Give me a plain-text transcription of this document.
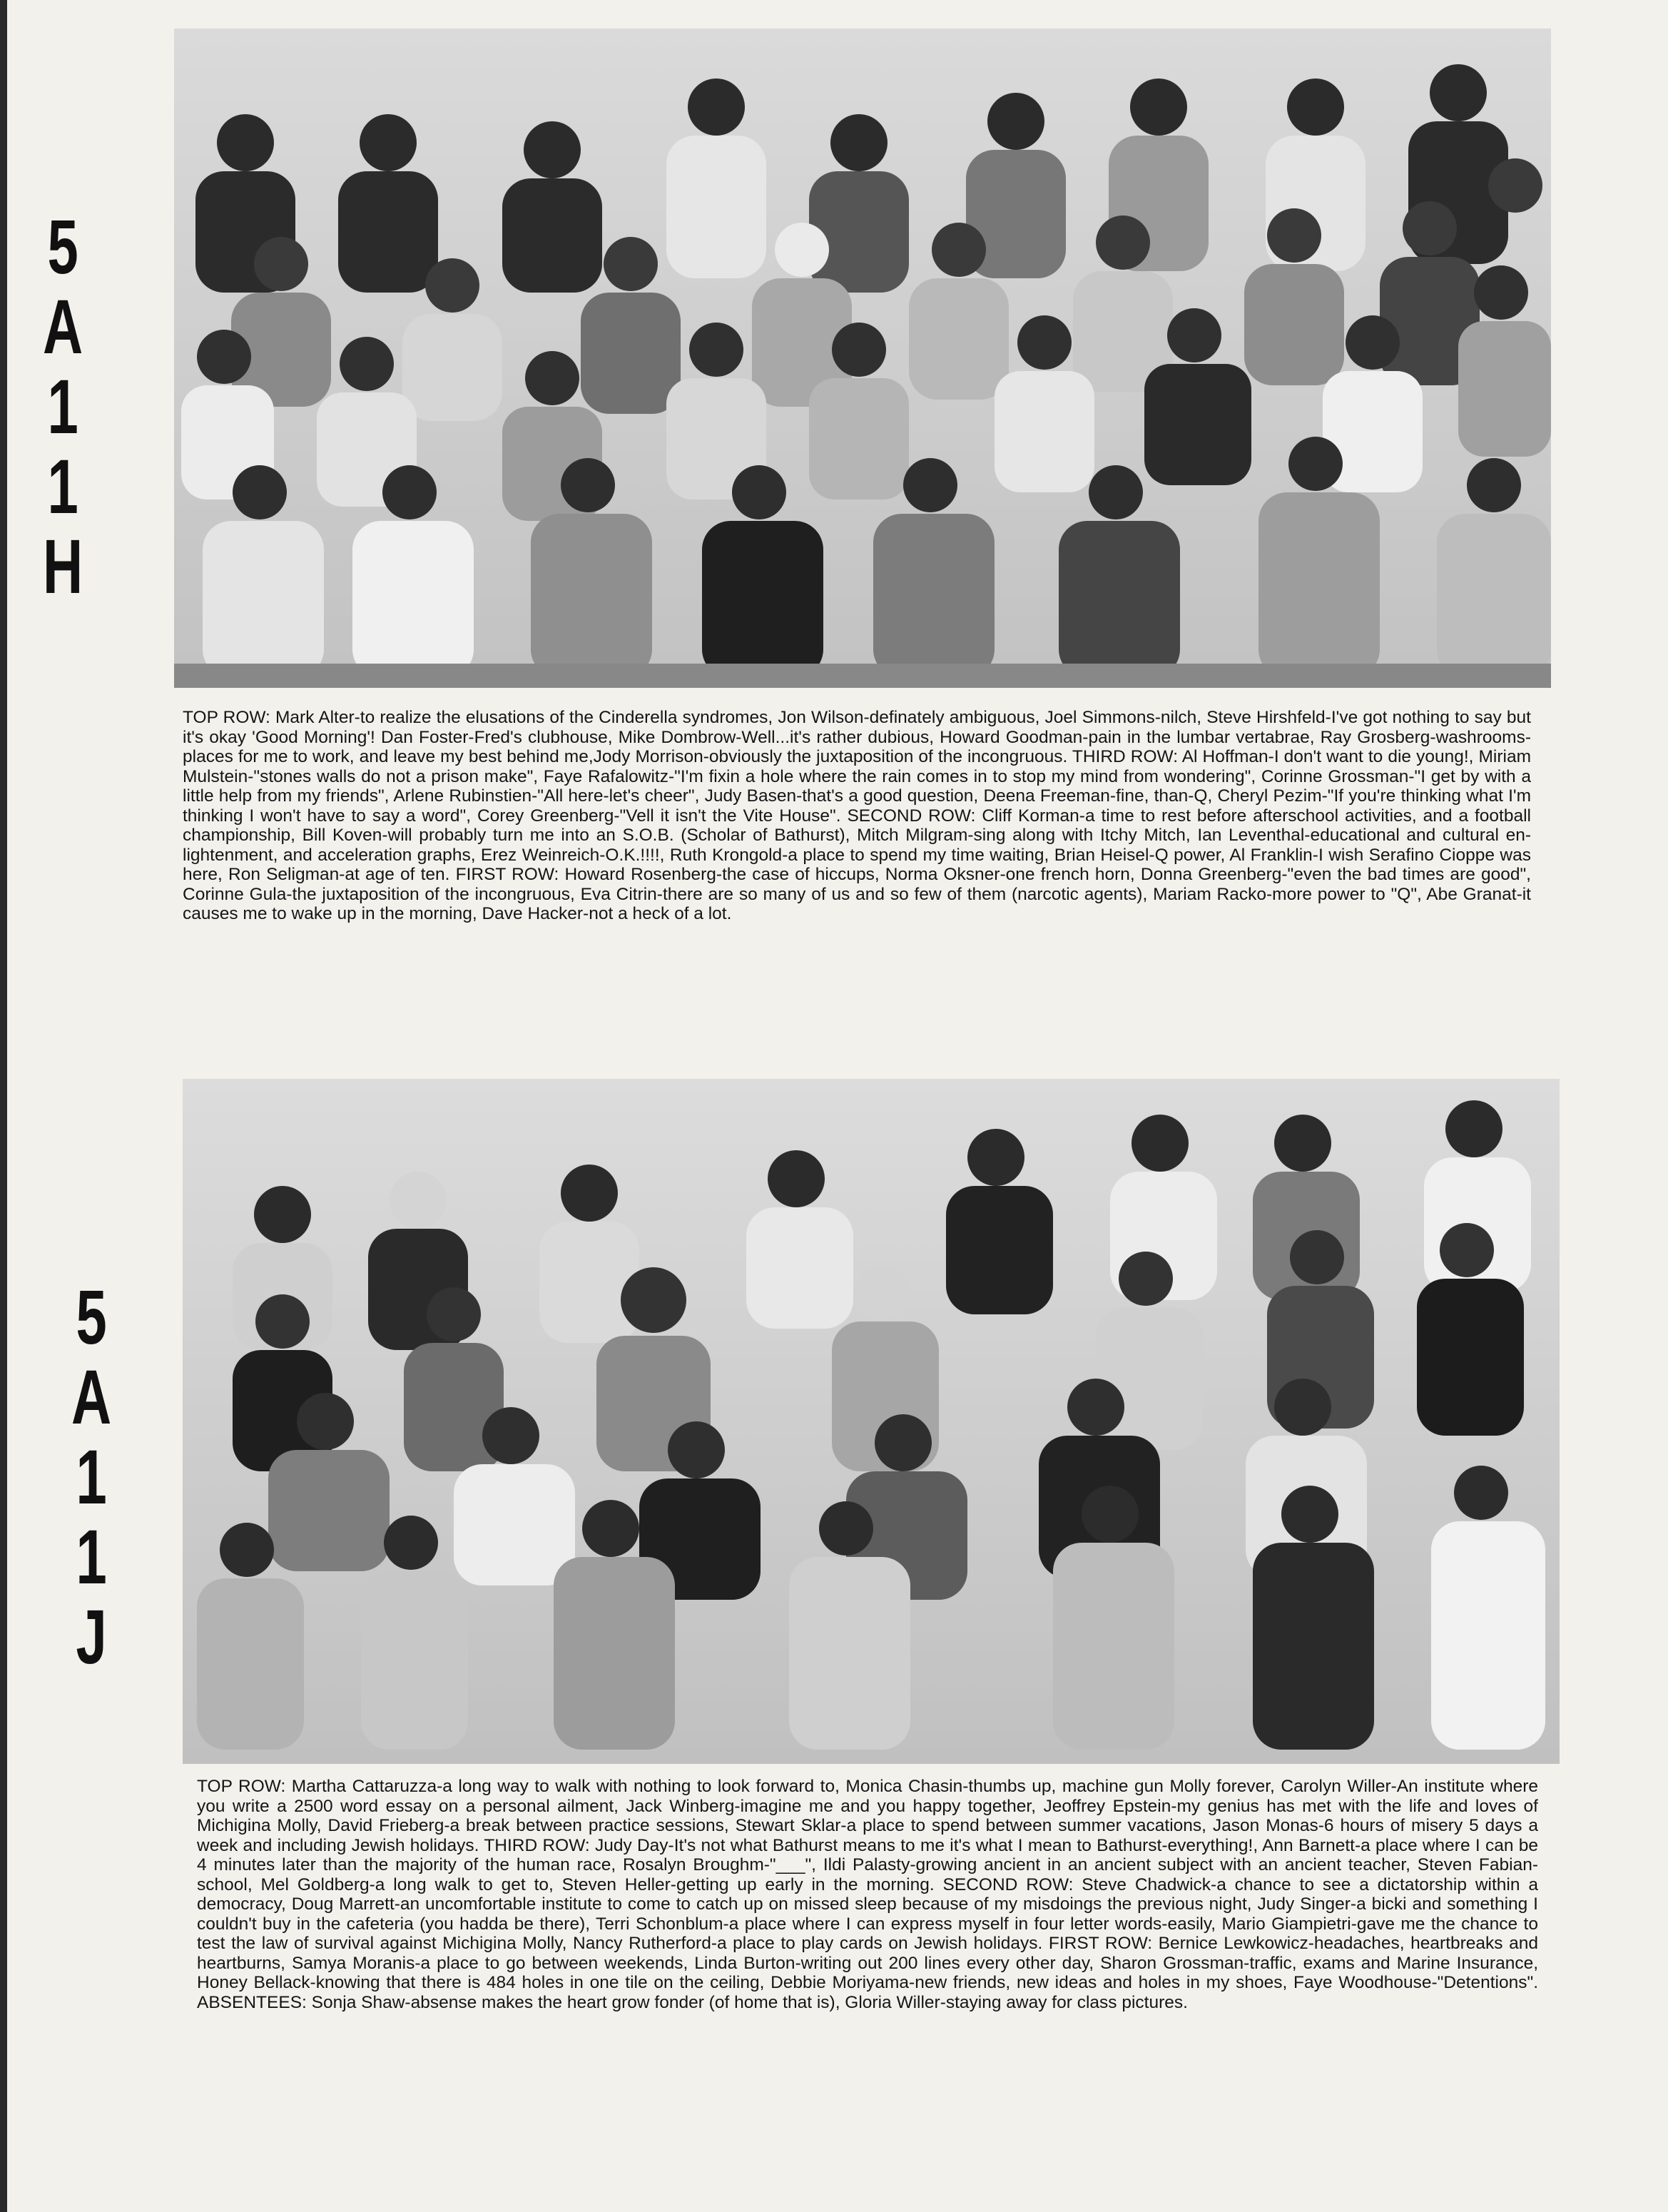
5
A
1
1
H

TOP ROW: Mark Alter-to realize the elusations of the Cinderella syndromes, Jon Wilson-definately ambiguous, Joel Simmons-nilch, Steve Hirshfeld-I've got nothing to say but it's okay 'Good Morning'! Dan Foster-Fred's clubhouse, Mike Dombrow-Well...it's rather dubious, Howard Goodman-pain in the lumbar vertabrae, Ray Grosberg-washrooms-places for me to work, and leave my best behind me,Jody Morrison-obviously the juxtaposition of the incongruous. THIRD ROW: Al Hoffman-I don't want to die young!, Miriam Mulstein-"stones walls do not a prison make", Faye Rafalowitz-"I'm fixin a hole where the rain comes in to stop my mind from wondering", Corinne Grossman-"I get by with a little help from my friends", Arlene Rubinstien-"All here-let's cheer", Judy Basen-that's a good question, Deena Freeman-fine, than-Q, Cheryl Pezim-"If you're thinking what I'm thinking I won't have to say a word", Corey Greenberg-"Vell it isn't the Vite House". SECOND ROW: Cliff Korman-a time to rest before afterschool activities, and a football championship, Bill Koven-will probably turn me into an S.O.B. (Scholar of Bathurst), Mitch Milgram-sing along with Itchy Mitch, Ian Leventhal-educational and cultural en-lightenment, and acceleration graphs, Erez Weinreich-O.K.!!!!, Ruth Krongold-a place to spend my time waiting, Brian Heisel-Q power, Al Franklin-I wish Serafino Cioppe was here, Ron Seligman-at age of ten. FIRST ROW: Howard Rosenberg-the case of hiccups, Norma Oksner-one french horn, Donna Greenberg-"even the bad times are good", Corinne Gula-the juxtaposition of the incongruous, Eva Citrin-there are so many of us and so few of them (narcotic agents), Mariam Racko-more power to "Q", Abe Granat-it causes me to wake up in the morning, Dave Hacker-not a heck of a lot.

5
A
1
1
J

TOP ROW: Martha Cattaruzza-a long way to walk with nothing to look forward to, Monica Chasin-thumbs up, machine gun Molly forever, Carolyn Willer-An institute where you write a 2500 word essay on a personal ailment, Jack Winberg-imagine me and you happy together, Jeoffrey Epstein-my genius has met with the life and loves of Michigina Molly, David Frieberg-a break between practice sessions, Stewart Sklar-a place to spend between summer vacations, Jason Monas-6 hours of misery 5 days a week and including Jewish holidays. THIRD ROW: Judy Day-It's not what Bathurst means to me it's what I mean to Bathurst-everything!, Ann Barnett-a place where I can be 4 minutes later than the majority of the human race, Rosalyn Broughm-"___", Ildi Palasty-growing ancient in an ancient subject with an ancient teacher, Steven Fabian-school, Mel Goldberg-a long walk to get to, Steven Heller-getting up early in the morning. SECOND ROW: Steve Chadwick-a chance to see a dictatorship within a democracy, Doug Marrett-an uncomfortable institute to come to catch up on missed sleep because of my misdoings the previous night, Judy Singer-a bicki and something I couldn't buy in the cafeteria (you hadda be there), Terri Schonblum-a place where I can express myself in four letter words-easily, Mario Giampietri-gave me the chance to test the law of survival against Michigina Molly, Nancy Rutherford-a place to play cards on Jewish holidays. FIRST ROW: Bernice Lewkowicz-headaches, heartbreaks and heartburns, Samya Moranis-a place to go between weekends, Linda Burton-writing out 200 lines every other day, Sharon Grossman-traffic, exams and Marine Insurance, Honey Bellack-knowing that there is 484 holes in one tile on the ceiling, Debbie Moriyama-new friends, new ideas and holes in my shoes, Faye Woodhouse-"Detentions". ABSENTEES: Sonja Shaw-absense makes the heart grow fonder (of home that is), Gloria Willer-staying away for class pictures.
